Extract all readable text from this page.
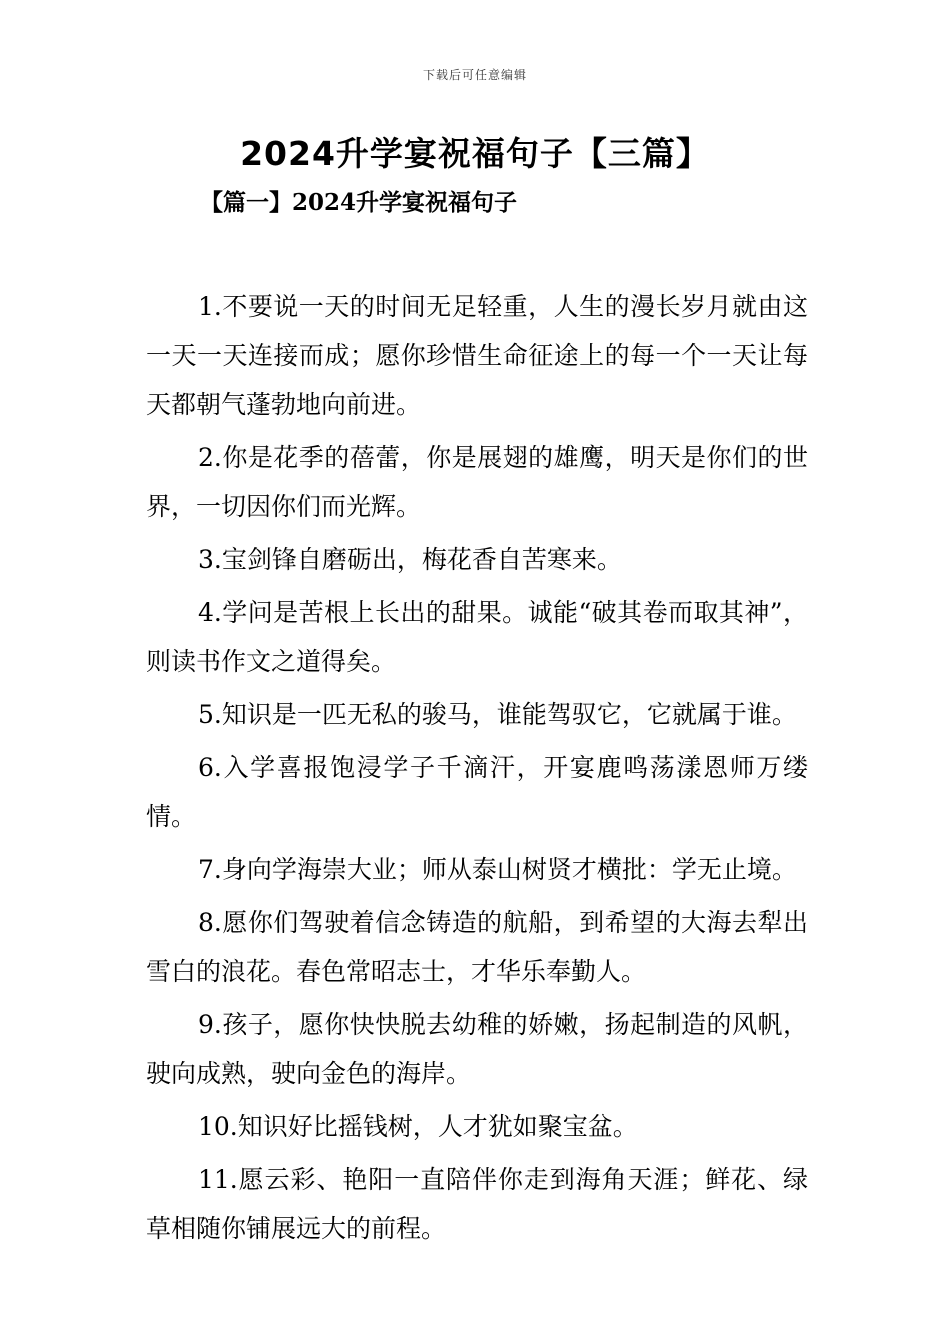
下载后可任意编辑
2024升学宴祝福句子【三篇】
【篇一】2024升学宴祝福句子

1.不要说一天的时间无足轻重，人生的漫长岁月就由这一天一天连接而成；愿你珍惜生命征途上的每一个一天让每天都朝气蓬勃地向前进。

2.你是花季的蓓蕾，你是展翅的雄鹰，明天是你们的世界，一切因你们而光辉。

3.宝剑锋自磨砺出，梅花香自苦寒来。

4.学问是苦根上长出的甜果。诚能“破其卷而取其神”，则读书作文之道得矣。

5.知识是一匹无私的骏马，谁能驾驭它，它就属于谁。

6.入学喜报饱浸学子千滴汗，开宴鹿鸣荡漾恩师万缕情。

7.身向学海崇大业；师从泰山树贤才横批：学无止境。

8.愿你们驾驶着信念铸造的航船，到希望的大海去犁出雪白的浪花。春色常昭志士，才华乐奉勤人。

9.孩子，愿你快快脱去幼稚的娇嫩，扬起制造的风帆，驶向成熟，驶向金色的海岸。

10.知识好比摇钱树，人才犹如聚宝盆。

11.愿云彩、艳阳一直陪伴你走到海角天涯；鲜花、绿草相随你铺展远大的前程。
